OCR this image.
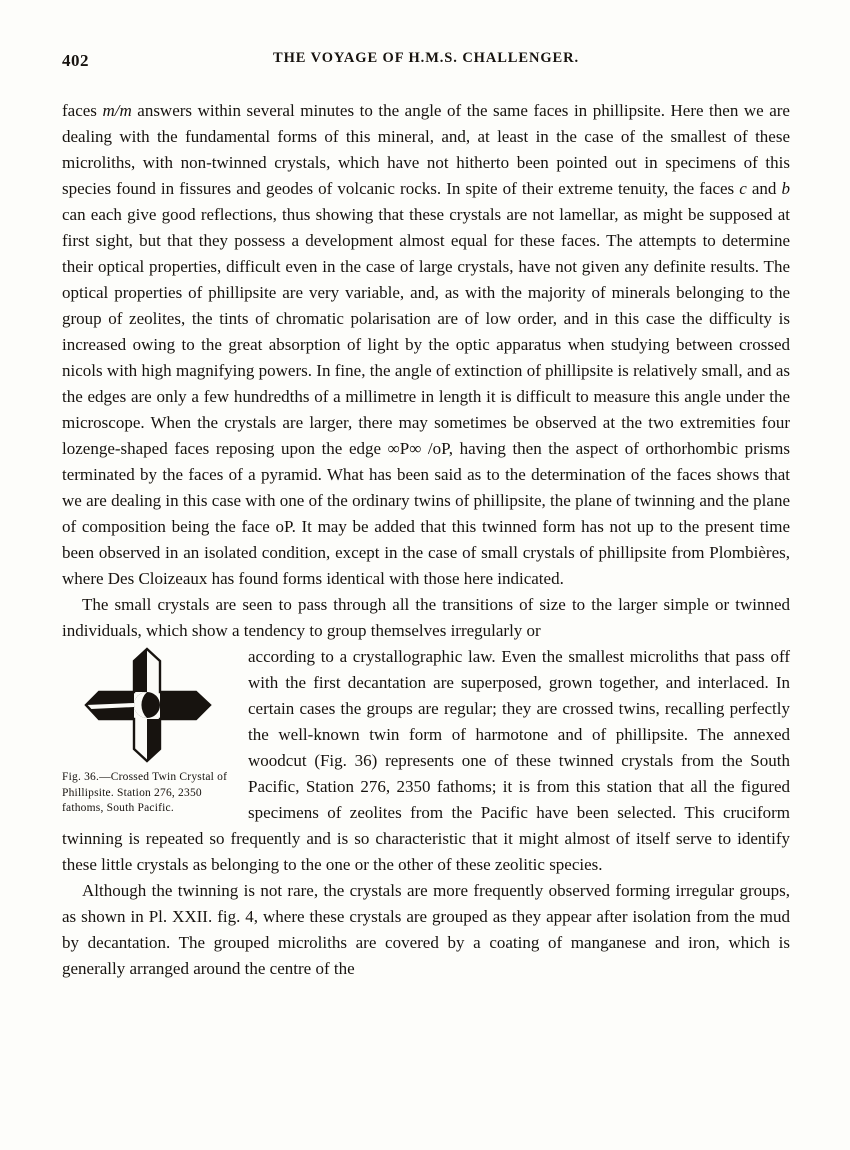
402	THE VOYAGE OF H.M.S. CHALLENGER.

faces m/m answers within several minutes to the angle of the same faces in phillipsite. Here then we are dealing with the fundamental forms of this mineral, and, at least in the case of the smallest of these microliths, with non-twinned crystals, which have not hitherto been pointed out in specimens of this species found in fissures and geodes of volcanic rocks. In spite of their extreme tenuity, the faces c and b can each give good reflections, thus showing that these crystals are not lamellar, as might be supposed at first sight, but that they possess a development almost equal for these faces. The attempts to determine their optical properties, difficult even in the case of large crystals, have not given any definite results. The optical properties of phillipsite are very variable, and, as with the majority of minerals belonging to the group of zeolites, the tints of chromatic polarisation are of low order, and in this case the difficulty is increased owing to the great absorption of light by the optic apparatus when studying between crossed nicols with high magnifying powers. In fine, the angle of extinction of phillipsite is relatively small, and as the edges are only a few hundredths of a millimetre in length it is difficult to measure this angle under the microscope. When the crystals are larger, there may sometimes be observed at the two extremities four lozenge-shaped faces reposing upon the edge ∞P∞ /oP, having then the aspect of orthorhombic prisms terminated by the faces of a pyramid. What has been said as to the determination of the faces shows that we are dealing in this case with one of the ordinary twins of phillipsite, the plane of twinning and the plane of composition being the face oP. It may be added that this twinned form has not up to the present time been observed in an isolated condition, except in the case of small crystals of phillipsite from Plombières, where Des Cloizeaux has found forms identical with those here indicated.

The small crystals are seen to pass through all the transitions of size to the larger simple or twinned individuals, which show a tendency to group themselves irregularly or

Fig. 36.—Crossed Twin Crystal of Phillipsite. Station 276, 2350 fathoms, South Pacific.
according to a crystallographic law. Even the smallest microliths that pass off with the first decantation are superposed, grown together, and interlaced. In certain cases the groups are regular; they are crossed twins, recalling perfectly the well-known twin form of harmotone and of phillipsite. The annexed woodcut (Fig. 36) represents one of these twinned crystals from the South Pacific, Station 276, 2350 fathoms; it is from this station that all the figured specimens of zeolites from the Pacific have been selected. This cruciform twinning is repeated so frequently and is so characteristic that it might almost of itself serve to identify these little crystals as belonging to the one or the other of these zeolitic species.

Although the twinning is not rare, the crystals are more frequently observed forming irregular groups, as shown in Pl. XXII. fig. 4, where these crystals are grouped as they appear after isolation from the mud by decantation. The grouped microliths are covered by a coating of manganese and iron, which is generally arranged around the centre of the
